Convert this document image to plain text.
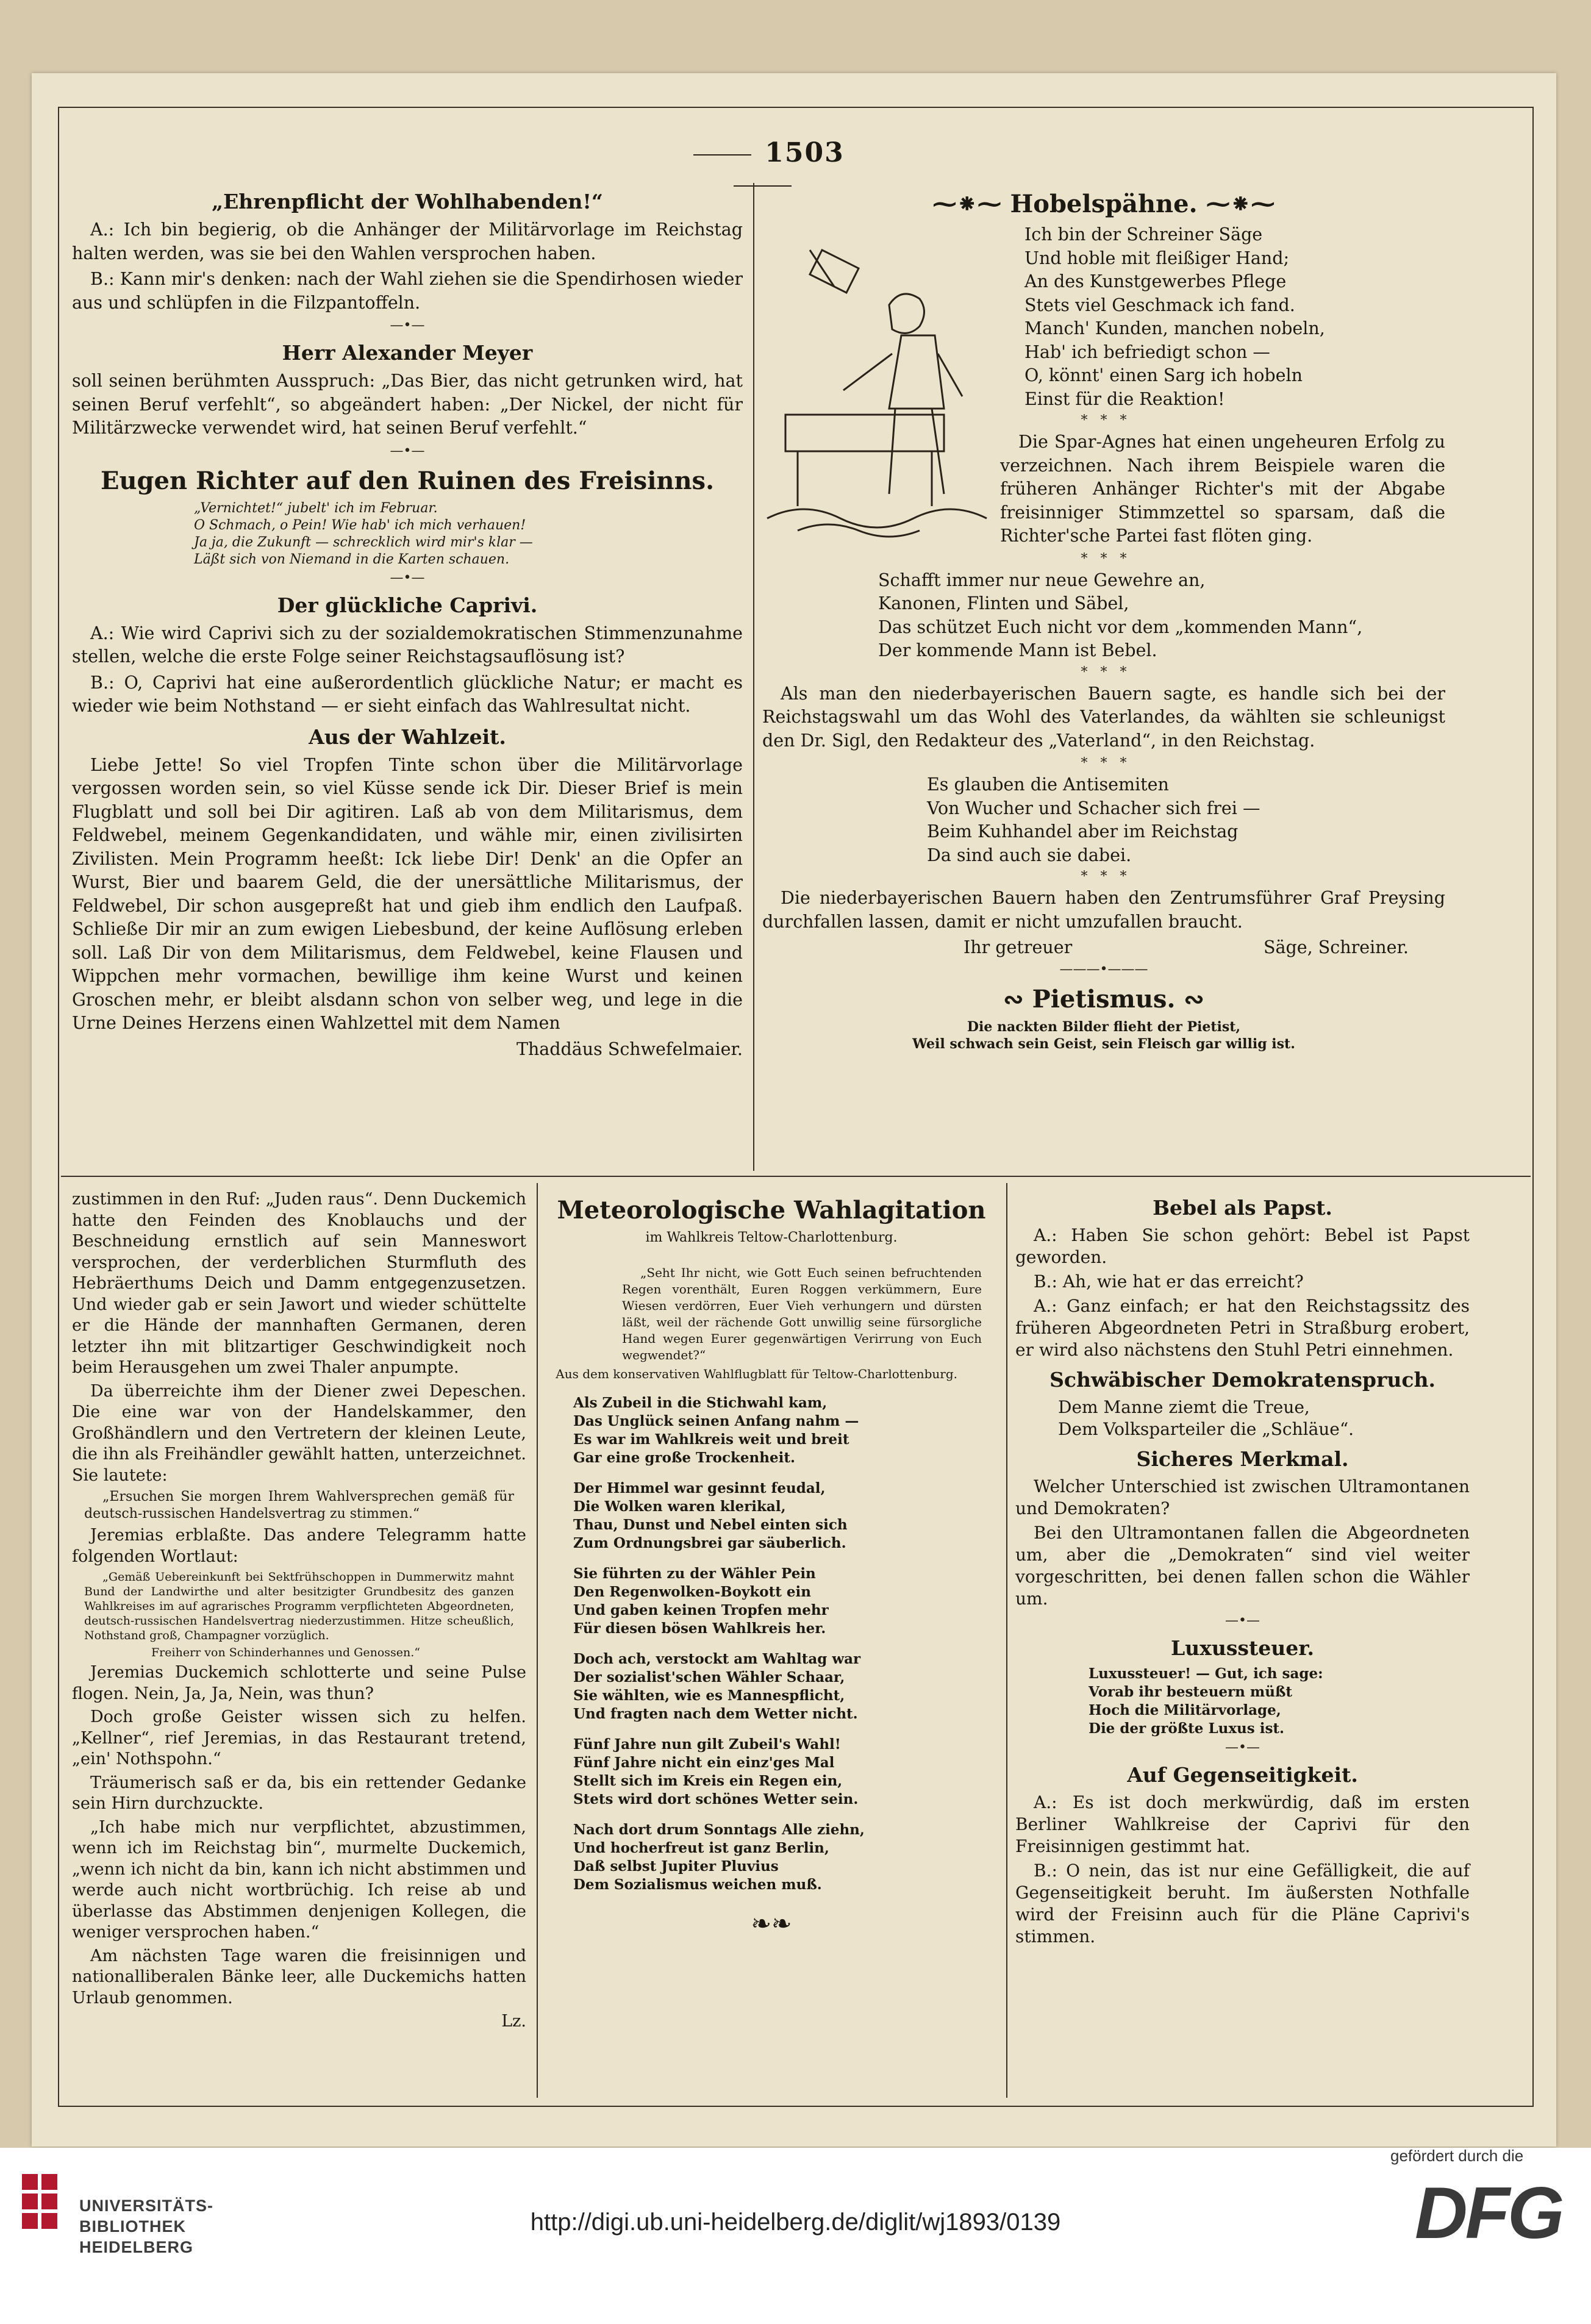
1503
„Ehrenpflicht der Wohlhabenden!“

A.: Ich bin begierig, ob die Anhänger der Militärvorlage im Reichstag halten werden, was sie bei den Wahlen versprochen haben.

B.: Kann mir's denken: nach der Wahl ziehen sie die Spendirhosen wieder aus und schlüpfen in die Filzpantoffeln.

—•—
Herr Alexander Meyer

soll seinen berühmten Ausspruch: „Das Bier, das nicht getrunken wird, hat seinen Beruf verfehlt“, so abgeändert haben: „Der Nickel, der nicht für Militärzwecke verwendet wird, hat seinen Beruf verfehlt.“

—•—
Eugen Richter auf den Ruinen des Freisinns.
„Vernichtet!“ jubelt' ich im Februar.
O Schmach, o Pein! Wie hab' ich mich verhauen!
Ja ja, die Zukunft — schrecklich wird mir's klar —
Läßt sich von Niemand in die Karten schauen.
—•—
Der glückliche Caprivi.

A.: Wie wird Caprivi sich zu der sozialdemokratischen Stimmenzunahme stellen, welche die erste Folge seiner Reichstagsauflösung ist?

B.: O, Caprivi hat eine außerordentlich glückliche Natur; er macht es wieder wie beim Nothstand — er sieht einfach das Wahlresultat nicht.

Aus der Wahlzeit.

Liebe Jette! So viel Tropfen Tinte schon über die Militärvorlage vergossen worden sein, so viel Küsse sende ick Dir. Dieser Brief is mein Flugblatt und soll bei Dir agitiren. Laß ab von dem Militarismus, dem Feldwebel, meinem Gegenkandidaten, und wähle mir, einen zivilisirten Zivilisten. Mein Programm heeßt: Ick liebe Dir! Denk' an die Opfer an Wurst, Bier und baarem Geld, die der unersättliche Militarismus, der Feldwebel, Dir schon ausgepreßt hat und gieb ihm endlich den Laufpaß. Schließe Dir mir an zum ewigen Liebesbund, der keine Auflösung erleben soll. Laß Dir von dem Militarismus, dem Feldwebel, keine Flausen und Wippchen mehr vormachen, bewillige ihm keine Wurst und keinen Groschen mehr, er bleibt alsdann schon von selber weg, und lege in die Urne Deines Herzens einen Wahlzettel mit dem Namen

Thaddäus Schwefelmaier.
⁓⁕⁓ Hobelspähne. ⁓⁕⁓
Ich bin der Schreiner Säge
Und hoble mit fleißiger Hand;
An des Kunstgewerbes Pflege
Stets viel Geschmack ich fand.
Manch' Kunden, manchen nobeln,
Hab' ich befriedigt schon —
O, könnt' einen Sarg ich hobeln
Einst für die Reaktion!
*   *   *

Die Spar-Agnes hat einen ungeheuren Erfolg zu verzeichnen. Nach ihrem Beispiele waren die früheren Anhänger Richter's mit der Abgabe freisinniger Stimmzettel so sparsam, daß die Richter'sche Partei fast flöten ging.

*   *   *
Schafft immer nur neue Gewehre an,
Kanonen, Flinten und Säbel,
Das schützet Euch nicht vor dem „kommenden Mann“,
Der kommende Mann ist Bebel.
*   *   *

Als man den niederbayerischen Bauern sagte, es handle sich bei der Reichstagswahl um das Wohl des Vaterlandes, da wählten sie schleunigst den Dr. Sigl, den Redakteur des „Vaterland“, in den Reichstag.

*   *   *
Es glauben die Antisemiten
Von Wucher und Schacher sich frei —
Beim Kuhhandel aber im Reichstag
Da sind auch sie dabei.
*   *   *

Die niederbayerischen Bauern haben den Zentrumsführer Graf Preysing durchfallen lassen, damit er nicht umzufallen braucht.

Ihr getreuer	Säge, Schreiner.
———•———
∾ Pietismus. ∾
Die nackten Bilder flieht der Pietist,
Weil schwach sein Geist, sein Fleisch gar willig ist.

zustimmen in den Ruf: „Juden raus“. Denn Duckemich hatte den Feinden des Knoblauchs und der Beschneidung ernstlich auf sein Manneswort versprochen, der verderblichen Sturmfluth des Hebräerthums Deich und Damm entgegenzusetzen. Und wieder gab er sein Jawort und wieder schüttelte er die Hände der mannhaften Germanen, deren letzter ihn mit blitzartiger Geschwindigkeit noch beim Herausgehen um zwei Thaler anpumpte.

Da überreichte ihm der Diener zwei Depeschen. Die eine war von der Handelskammer, den Großhändlern und den Vertretern der kleinen Leute, die ihn als Freihändler gewählt hatten, unterzeichnet. Sie lautete:

„Ersuchen Sie morgen Ihrem Wahlversprechen gemäß für deutsch-russischen Handelsvertrag zu stimmen.“

Jeremias erblaßte. Das andere Telegramm hatte folgenden Wortlaut:

„Gemäß Uebereinkunft bei Sektfrühschoppen in Dummerwitz mahnt Bund der Landwirthe und alter besitzigter Grundbesitz des ganzen Wahlkreises im auf agrarisches Programm verpflichteten Abgeordneten, deutsch-russischen Handelsvertrag niederzustimmen. Hitze scheußlich, Nothstand groß, Champagner vorzüglich.

Freiherr von Schinderhannes und Genossen.“

Jeremias Duckemich schlotterte und seine Pulse flogen. Nein, Ja, Ja, Nein, was thun?

Doch große Geister wissen sich zu helfen. „Kellner“, rief Jeremias, in das Restaurant tretend, „ein' Nothspohn.“

Träumerisch saß er da, bis ein rettender Gedanke sein Hirn durchzuckte.

„Ich habe mich nur verpflichtet, abzustimmen, wenn ich im Reichstag bin“, murmelte Duckemich, „wenn ich nicht da bin, kann ich nicht abstimmen und werde auch nicht wortbrüchig. Ich reise ab und überlasse das Abstimmen denjenigen Kollegen, die weniger versprochen haben.“

Am nächsten Tage waren die freisinnigen und nationalliberalen Bänke leer, alle Duckemichs hatten Urlaub genommen.

Lz.
Meteorologische Wahlagitation
im Wahlkreis Teltow-Charlottenburg.

„Seht Ihr nicht, wie Gott Euch seinen befruchtenden Regen vorenthält, Euren Roggen verkümmern, Eure Wiesen verdörren, Euer Vieh verhungern und dürsten läßt, weil der rächende Gott unwillig seine fürsorgliche Hand wegen Eurer gegenwärtigen Verirrung von Euch wegwendet?“

Aus dem konservativen Wahlflugblatt für Teltow-Charlottenburg.
Als Zubeil in die Stichwahl kam,
Das Unglück seinen Anfang nahm —
Es war im Wahlkreis weit und breit
Gar eine große Trockenheit.
Der Himmel war gesinnt feudal,
Die Wolken waren klerikal,
Thau, Dunst und Nebel einten sich
Zum Ordnungsbrei gar säuberlich.
Sie führten zu der Wähler Pein
Den Regenwolken-Boykott ein
Und gaben keinen Tropfen mehr
Für diesen bösen Wahlkreis her.
Doch ach, verstockt am Wahltag war
Der sozialist'schen Wähler Schaar,
Sie wählten, wie es Mannespflicht,
Und fragten nach dem Wetter nicht.
Fünf Jahre nun gilt Zubeil's Wahl!
Fünf Jahre nicht ein einz'ges Mal
Stellt sich im Kreis ein Regen ein,
Stets wird dort schönes Wetter sein.
Nach dort drum Sonntags Alle ziehn,
Und hocherfreut ist ganz Berlin,
Daß selbst Jupiter Pluvius
Dem Sozialismus weichen muß.
❧❧
Bebel als Papst.

A.: Haben Sie schon gehört: Bebel ist Papst geworden.

B.: Ah, wie hat er das erreicht?

A.: Ganz einfach; er hat den Reichstagssitz des früheren Abgeordneten Petri in Straßburg erobert, er wird also nächstens den Stuhl Petri einnehmen.

Schwäbischer Demokratenspruch.
Dem Manne ziemt die Treue,
Dem Volksparteiler die „Schläue“.
Sicheres Merkmal.

Welcher Unterschied ist zwischen Ultramontanen und Demokraten?

Bei den Ultramontanen fallen die Abgeordneten um, aber die „Demokraten“ sind viel weiter vorgeschritten, bei denen fallen schon die Wähler um.

—•—
Luxussteuer.
Luxussteuer! — Gut, ich sage:
Vorab ihr besteuern müßt
Hoch die Militärvorlage,
Die der größte Luxus ist.
—•—
Auf Gegenseitigkeit.

A.: Es ist doch merkwürdig, daß im ersten Berliner Wahlkreise der Caprivi für den Freisinnigen gestimmt hat.

B.: O nein, das ist nur eine Gefälligkeit, die auf Gegenseitigkeit beruht. Im äußersten Nothfalle wird der Freisinn auch für die Pläne Caprivi's stimmen.

UNIVERSITÄTS-
BIBLIOTHEK
HEIDELBERG
http://digi.ub.uni-heidelberg.de/diglit/wj1893/0139
gefördert durch die
DFG
